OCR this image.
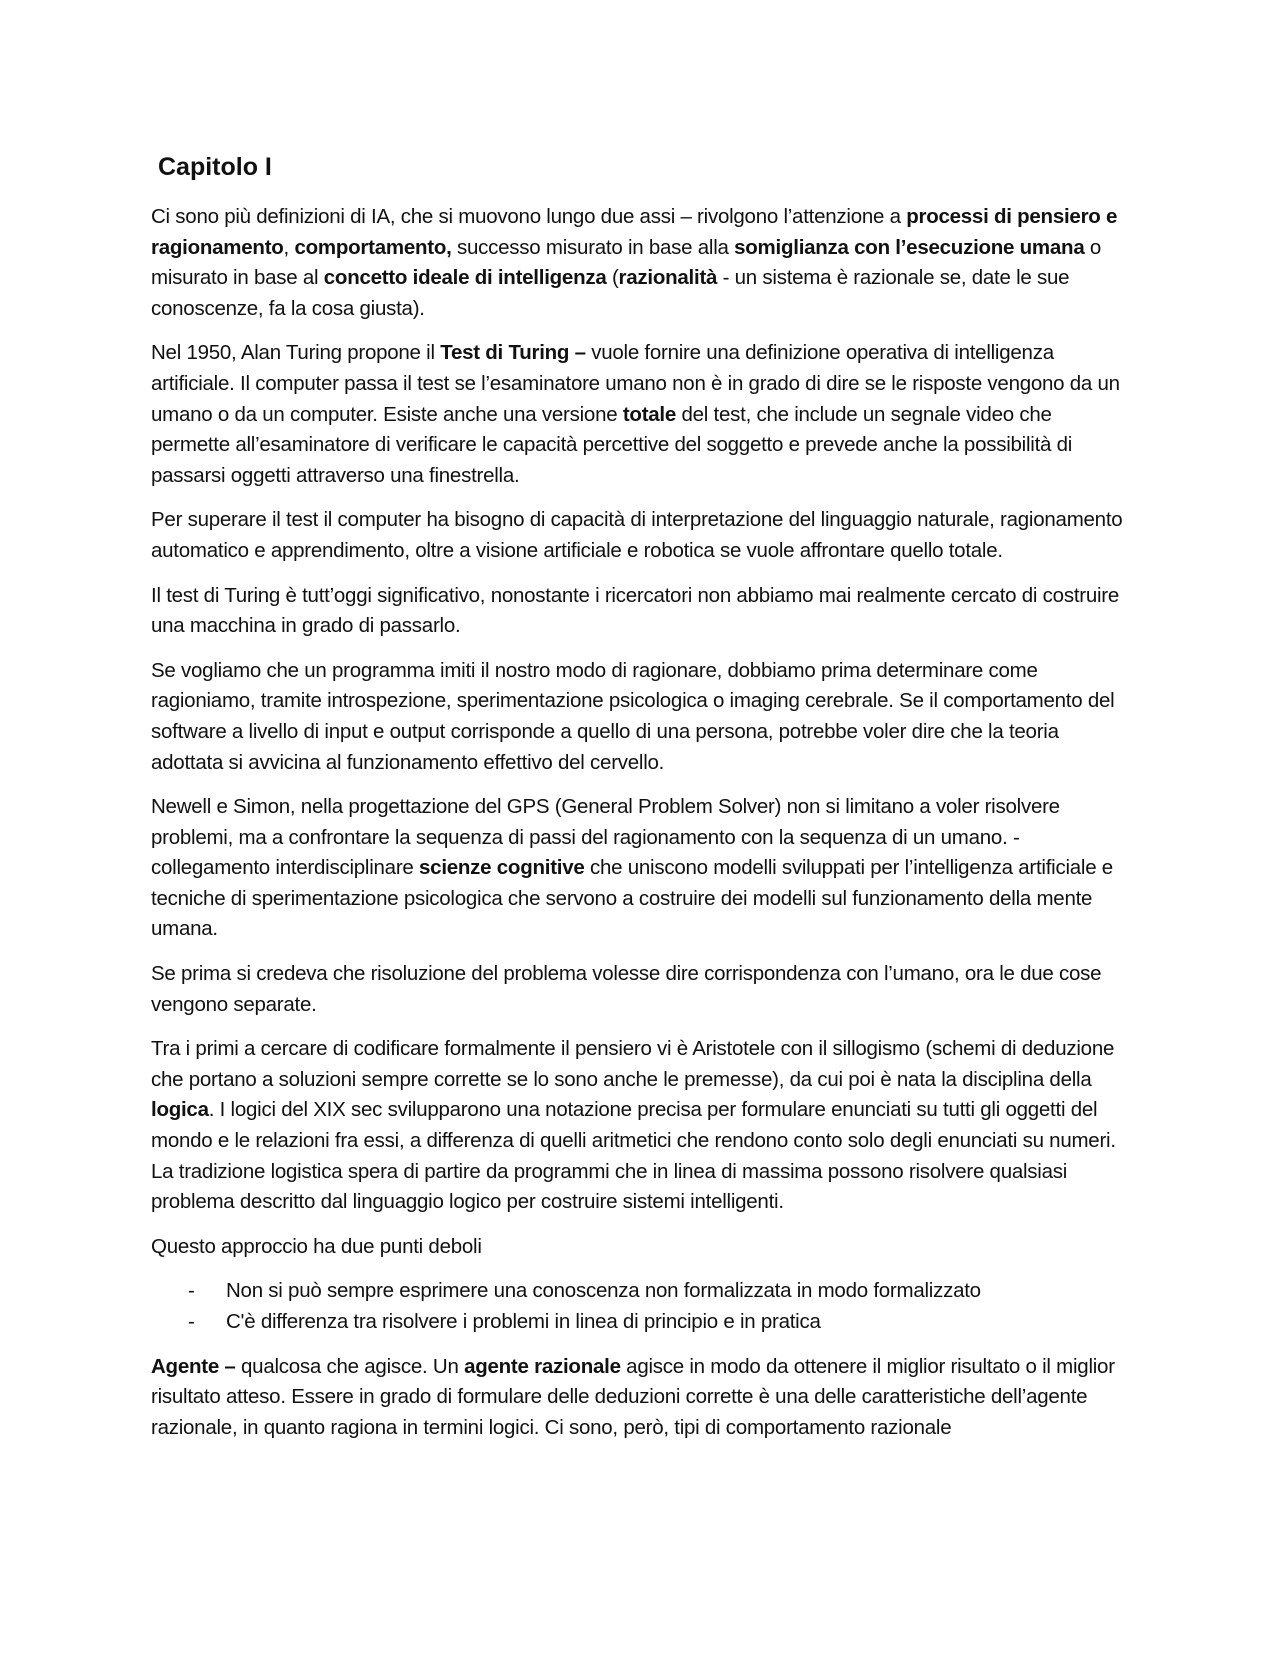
Capitolo I

Ci sono più definizioni di IA, che si muovono lungo due assi – rivolgono l’attenzione a processi di pensiero e ragionamento, comportamento, successo misurato in base alla somiglianza con l’esecuzione umana o misurato in base al concetto ideale di intelligenza (razionalità - un sistema è razionale se, date le sue conoscenze, fa la cosa giusta).

Nel 1950, Alan Turing propone il Test di Turing – vuole fornire una definizione operativa di intelligenza artificiale. Il computer passa il test se l’esaminatore umano non è in grado di dire se le risposte vengono da un umano o da un computer. Esiste anche una versione totale del test, che include un segnale video che permette all’esaminatore di verificare le capacità percettive del soggetto e prevede anche la possibilità di passarsi oggetti attraverso una finestrella.

Per superare il test il computer ha bisogno di capacità di interpretazione del linguaggio naturale, ragionamento automatico e apprendimento, oltre a visione artificiale e robotica se vuole affrontare quello totale.

Il test di Turing è tutt’oggi significativo, nonostante i ricercatori non abbiamo mai realmente cercato di costruire una macchina in grado di passarlo.

Se vogliamo che un programma imiti il nostro modo di ragionare, dobbiamo prima determinare come ragioniamo, tramite introspezione, sperimentazione psicologica o imaging cerebrale. Se il comportamento del software a livello di input e output corrisponde a quello di una persona, potrebbe voler dire che la teoria adottata si avvicina al funzionamento effettivo del cervello.

Newell e Simon, nella progettazione del GPS (General Problem Solver) non si limitano a voler risolvere problemi, ma a confrontare la sequenza di passi del ragionamento con la sequenza di un umano. - collegamento interdisciplinare scienze cognitive che uniscono modelli sviluppati per l’intelligenza artificiale e tecniche di sperimentazione psicologica che servono a costruire dei modelli sul funzionamento della mente umana.

Se prima si credeva che risoluzione del problema volesse dire corrispondenza con l’umano, ora le due cose vengono separate.

Tra i primi a cercare di codificare formalmente il pensiero vi è Aristotele con il sillogismo (schemi di deduzione che portano a soluzioni sempre corrette se lo sono anche le premesse), da cui poi è nata la disciplina della logica. I logici del XIX sec svilupparono una notazione precisa per formulare enunciati su tutti gli oggetti del mondo e le relazioni fra essi, a differenza di quelli aritmetici che rendono conto solo degli enunciati su numeri. La tradizione logistica spera di partire da programmi che in linea di massima possono risolvere qualsiasi problema descritto dal linguaggio logico per costruire sistemi intelligenti.

Questo approccio ha due punti deboli

-	Non si può sempre esprimere una conoscenza non formalizzata in modo formalizzato
-	C'è differenza tra risolvere i problemi in linea di principio e in pratica

Agente – qualcosa che agisce. Un agente razionale agisce in modo da ottenere il miglior risultato o il miglior risultato atteso. Essere in grado di formulare delle deduzioni corrette è una delle caratteristiche dell’agente razionale, in quanto ragiona in termini logici. Ci sono, però, tipi di comportamento razionale
